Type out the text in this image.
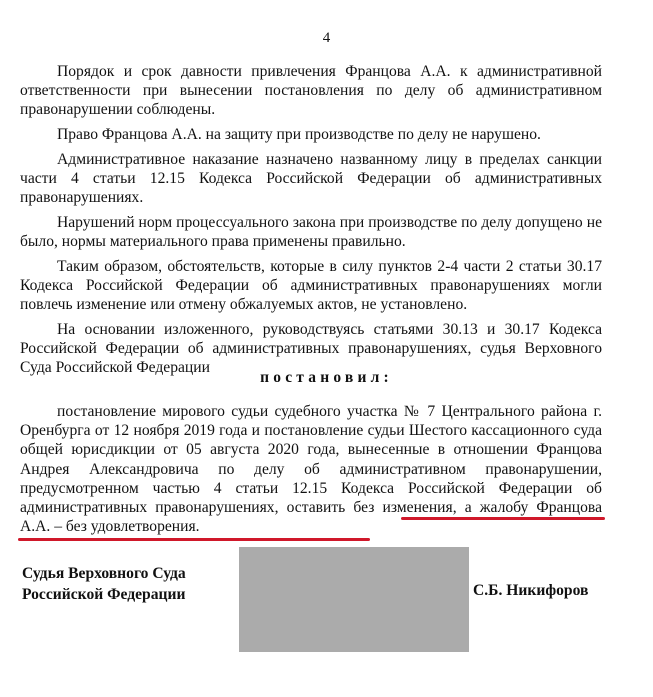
4

Порядок и срок давности привлечения Францова А.А. к административной ответственности при вынесении постановления по делу об административном правонарушении соблюдены.

Право Францова А.А. на защиту при производстве по делу не нарушено.

Административное наказание назначено названному лицу в пределах санкции части 4 статьи 12.15 Кодекса Российской Федерации об административных правонарушениях.

Нарушений норм процессуального закона при производстве по делу допущено не было, нормы материального права применены правильно.

Таким образом, обстоятельств, которые в силу пунктов 2-4 части 2 статьи 30.17 Кодекса Российской Федерации об административных правонарушениях могли повлечь изменение или отмену обжалуемых актов, не установлено.

На основании изложенного, руководствуясь статьями 30.13 и 30.17 Кодекса Российской Федерации об административных правонарушениях, судья Верховного Суда Российской Федерации

постановил:

постановление мирового судьи судебного участка № 7 Центрального района г. Оренбурга от 12 ноября 2019 года и постановление судьи Шестого кассационного суда общей юрисдикции от 05 августа 2020 года, вынесенные в отношении Францова Андрея Александровича по делу об административном правонарушении, предусмотренном частью 4 статьи 12.15 Кодекса Российской Федерации об административных правонарушениях, оставить без изменения, а жалобу Францова А.А. – без удовлетворения.

Судья Верховного Суда
Российской Федерации	С.Б. Никифоров
